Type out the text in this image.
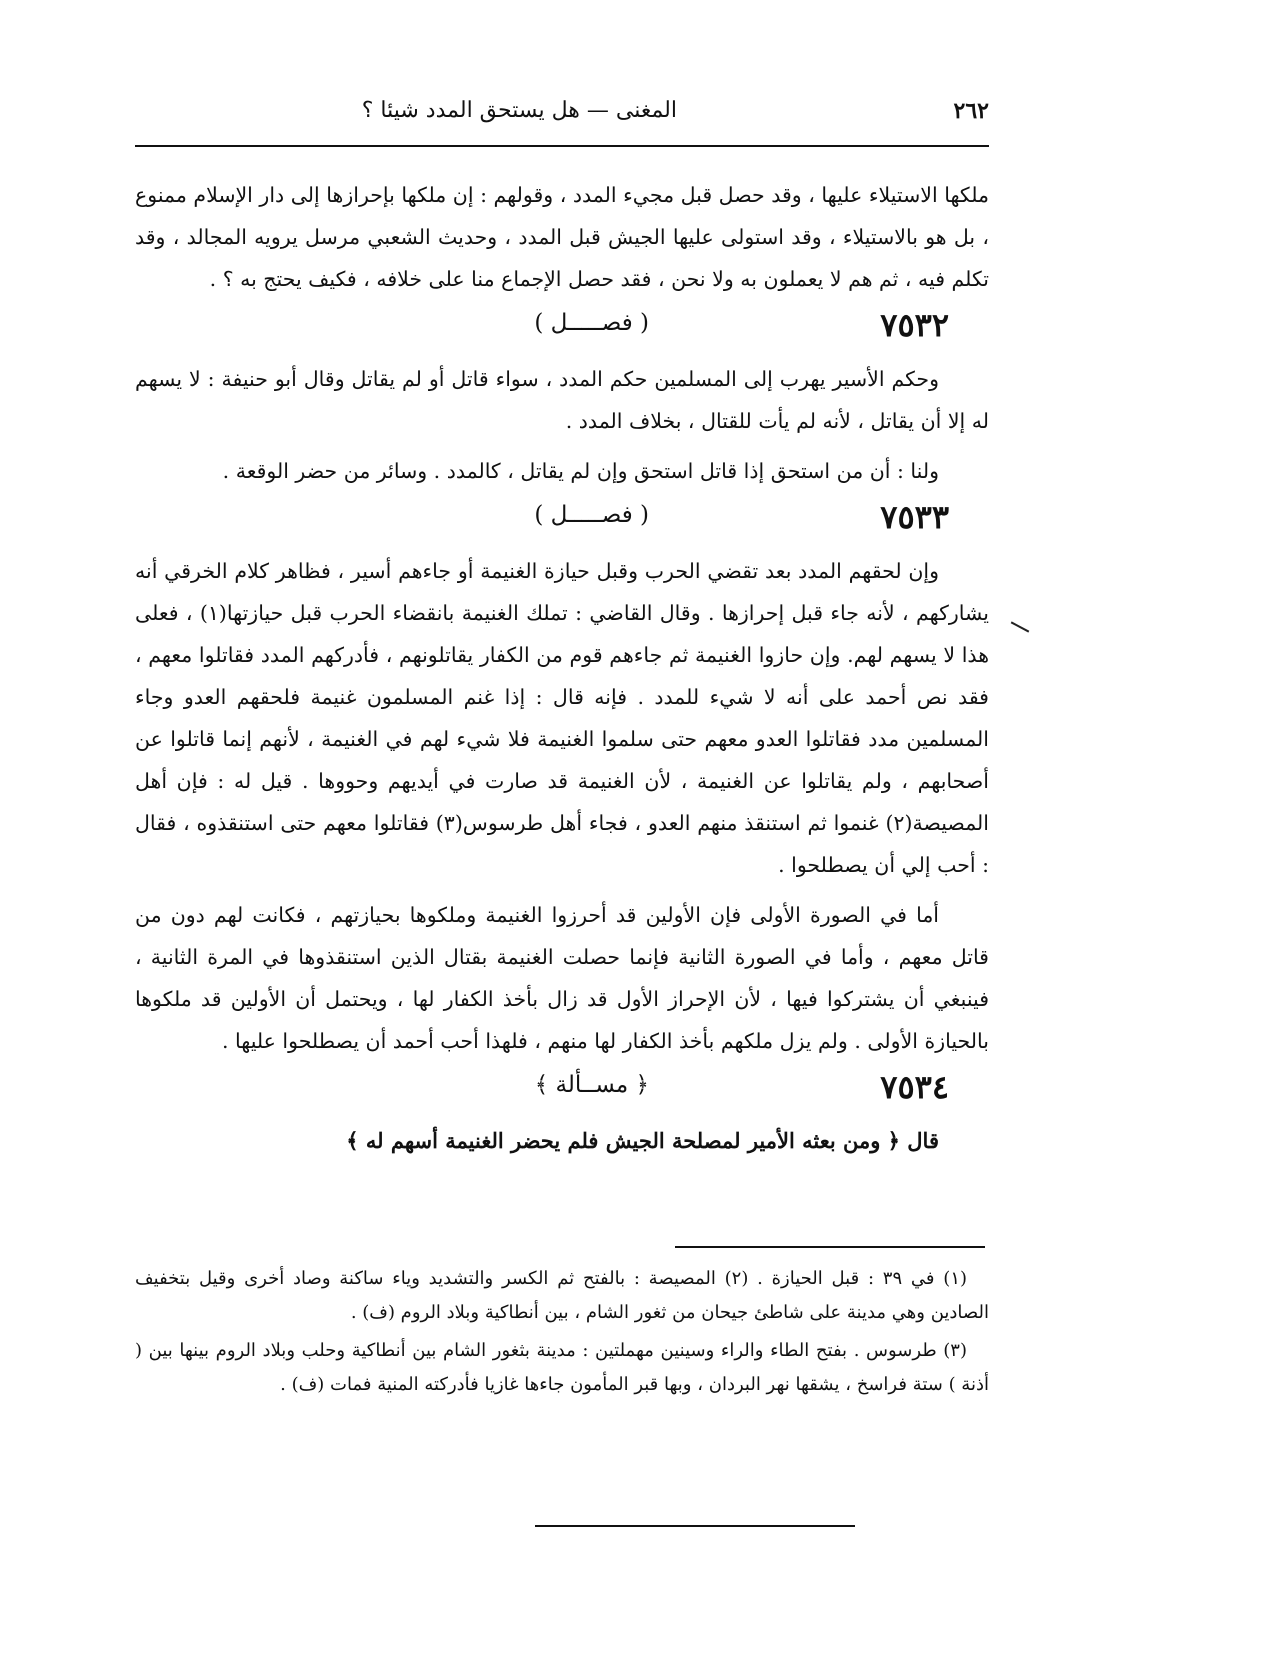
٢٦٢
المغنى — هل يستحق المدد شيئا ؟

ملكها الاستيلاء عليها ، وقد حصل قبل مجيء المدد ، وقولهم : إن ملكها بإحرازها إلى دار الإسلام ممنوع ، بل هو بالاستيلاء ، وقد استولى عليها الجيش قبل المدد ، وحديث الشعبي مرسل يرويه المجالد ، وقد تكلم فيه ، ثم هم لا يعملون به ولا نحن ، فقد حصل الإجماع منا على خلافه ، فكيف يحتج به ؟ .

٧٥٣٢
( فصـــــل )

وحكم الأسير يهرب إلى المسلمين حكم المدد ، سواء قاتل أو لم يقاتل وقال أبو حنيفة : لا يسهم له إلا أن يقاتل ، لأنه لم يأت للقتال ، بخلاف المدد .

ولنا : أن من استحق إذا قاتل استحق وإن لم يقاتل ، كالمدد . وسائر من حضر الوقعة .

٧٥٣٣
( فصـــــل )

وإن لحقهم المدد بعد تقضي الحرب وقبل حيازة الغنيمة أو جاءهم أسير ، فظاهر كلام الخرقي أنه يشاركهم ، لأنه جاء قبل إحرازها . وقال القاضي : تملك الغنيمة بانقضاء الحرب قبل حيازتها(١) ، فعلى هذا لا يسهم لهم. وإن حازوا الغنيمة ثم جاءهم قوم من الكفار يقاتلونهم ، فأدركهم المدد فقاتلوا معهم ، فقد نص أحمد على أنه لا شيء للمدد . فإنه قال : إذا غنم المسلمون غنيمة فلحقهم العدو وجاء المسلمين مدد فقاتلوا العدو معهم حتى سلموا الغنيمة فلا شيء لهم في الغنيمة ، لأنهم إنما قاتلوا عن أصحابهم ، ولم يقاتلوا عن الغنيمة ، لأن الغنيمة قد صارت في أيديهم وحووها . قيل له : فإن أهل المصيصة(٢) غنموا ثم استنقذ منهم العدو ، فجاء أهل طرسوس(٣) فقاتلوا معهم حتى استنقذوه ، فقال : أحب إلي أن يصطلحوا .

أما في الصورة الأولى فإن الأولين قد أحرزوا الغنيمة وملكوها بحيازتهم ، فكانت لهم دون من قاتل معهم ، وأما في الصورة الثانية فإنما حصلت الغنيمة بقتال الذين استنقذوها في المرة الثانية ، فينبغي أن يشتركوا فيها ، لأن الإحراز الأول قد زال بأخذ الكفار لها ، ويحتمل أن الأولين قد ملكوها بالحيازة الأولى . ولم يزل ملكهم بأخذ الكفار لها منهم ، فلهذا أحب أحمد أن يصطلحوا عليها .

٧٥٣٤
﴿ مســألة ﴾

قال ﴿ ومن بعثه الأمير لمصلحة الجيش فلم يحضر الغنيمة أسهم له ﴾

(١) في ٣٩ : قبل الحيازة . (٢) المصيصة : بالفتح ثم الكسر والتشديد وياء ساكنة وصاد أخرى وقيل بتخفيف الصادين وهي مدينة على شاطئ جيحان من ثغور الشام ، بين أنطاكية وبلاد الروم (ف) .

(٣) طرسوس . بفتح الطاء والراء وسينين مهملتين : مدينة بثغور الشام بين أنطاكية وحلب وبلاد الروم بينها بين ( أذنة ) ستة فراسخ ، يشقها نهر البردان ، وبها قبر المأمون جاءها غازيا فأدركته المنية فمات (ف) .
